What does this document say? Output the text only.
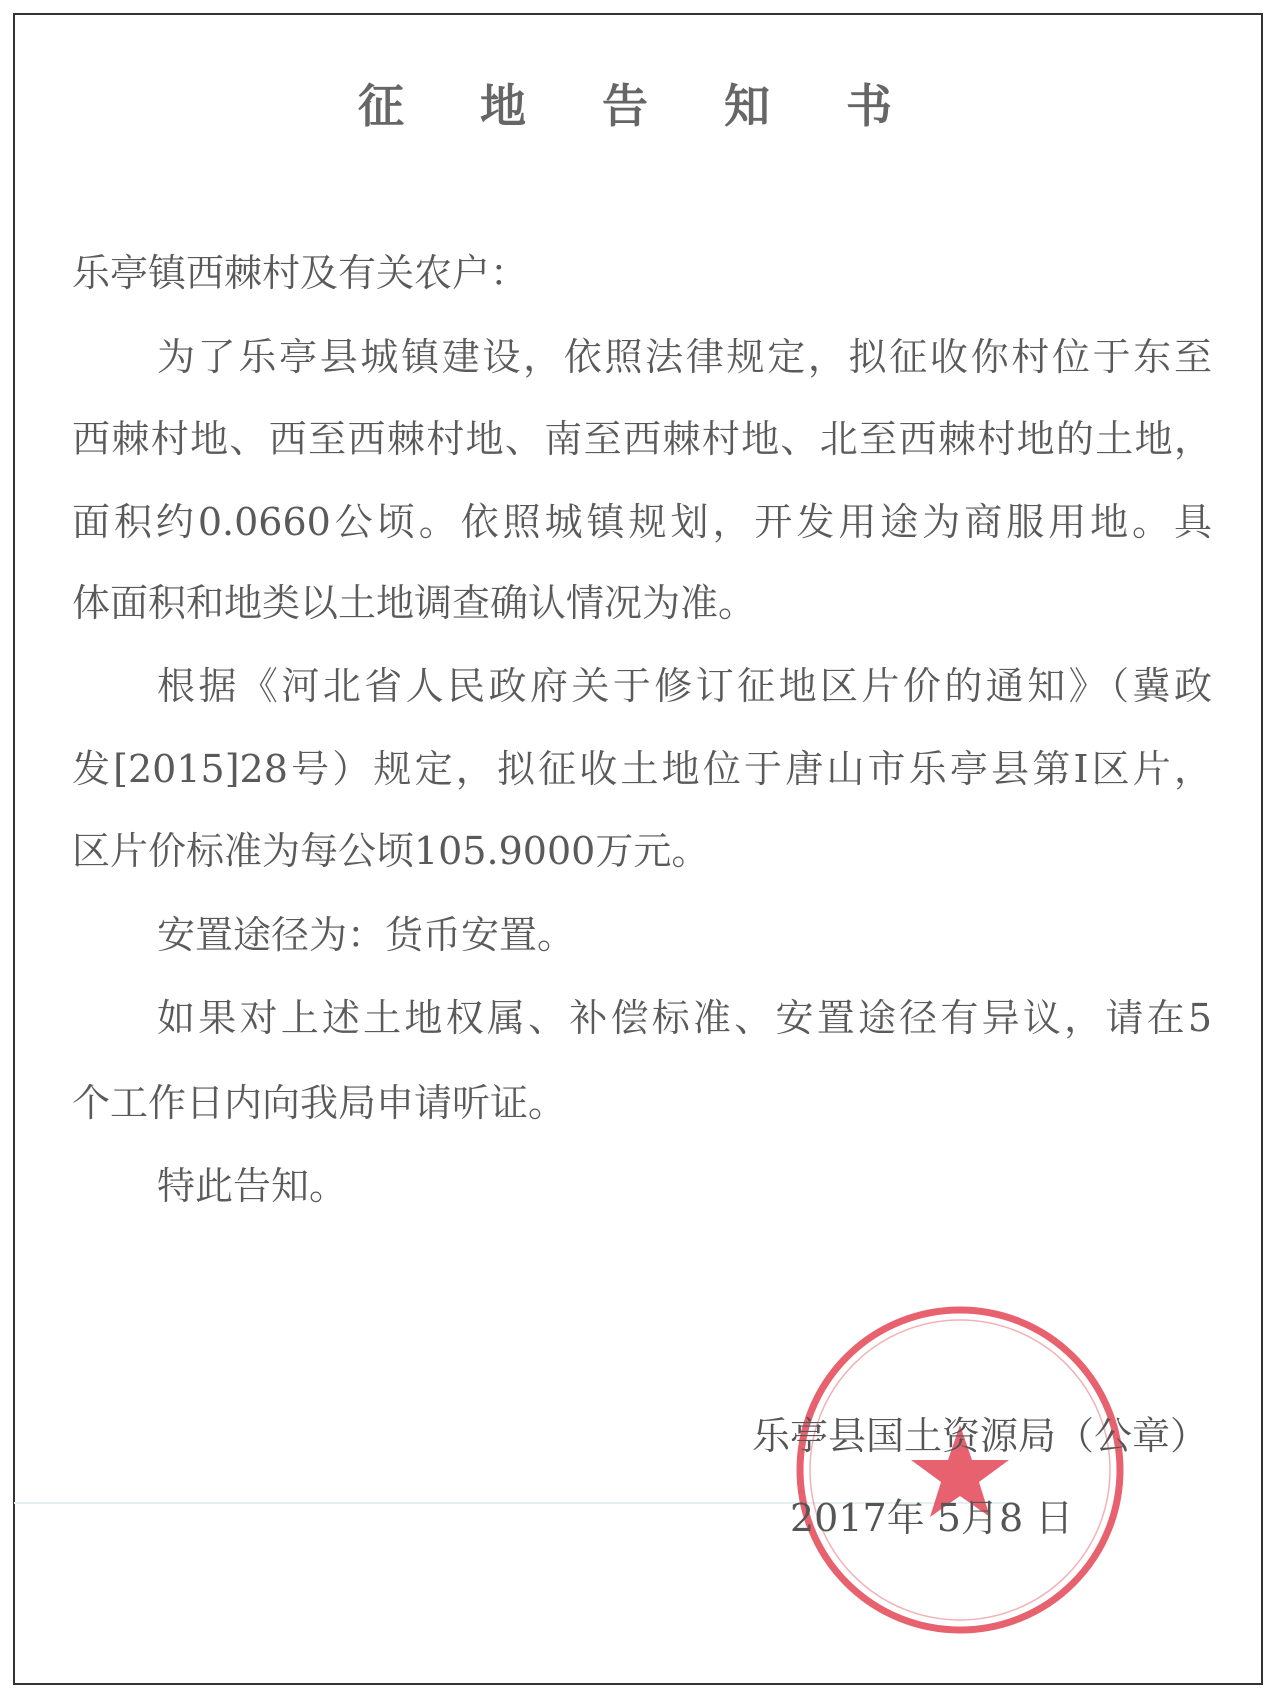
征 地 告 知 书
乐亭镇西棘村及有关农户：
为了乐亭县城镇建设，依照法律规定，拟征收你村位于东至
西棘村地、西至西棘村地、南至西棘村地、北至西棘村地的土地，
面积约0.0660公顷。依照城镇规划，开发用途为商服用地。具
体面积和地类以土地调查确认情况为准。
根据《河北省人民政府关于修订征地区片价的通知》（冀政
发[2015]28号）规定，拟征收土地位于唐山市乐亭县第I区片，
区片价标准为每公顷105.9000万元。
安置途径为：货币安置。
如果对上述土地权属、补偿标准、安置途径有异议，请在5
个工作日内向我局申请听证。
特此告知。
乐亭县国土资源局（公章）
2017年 5月8 日
